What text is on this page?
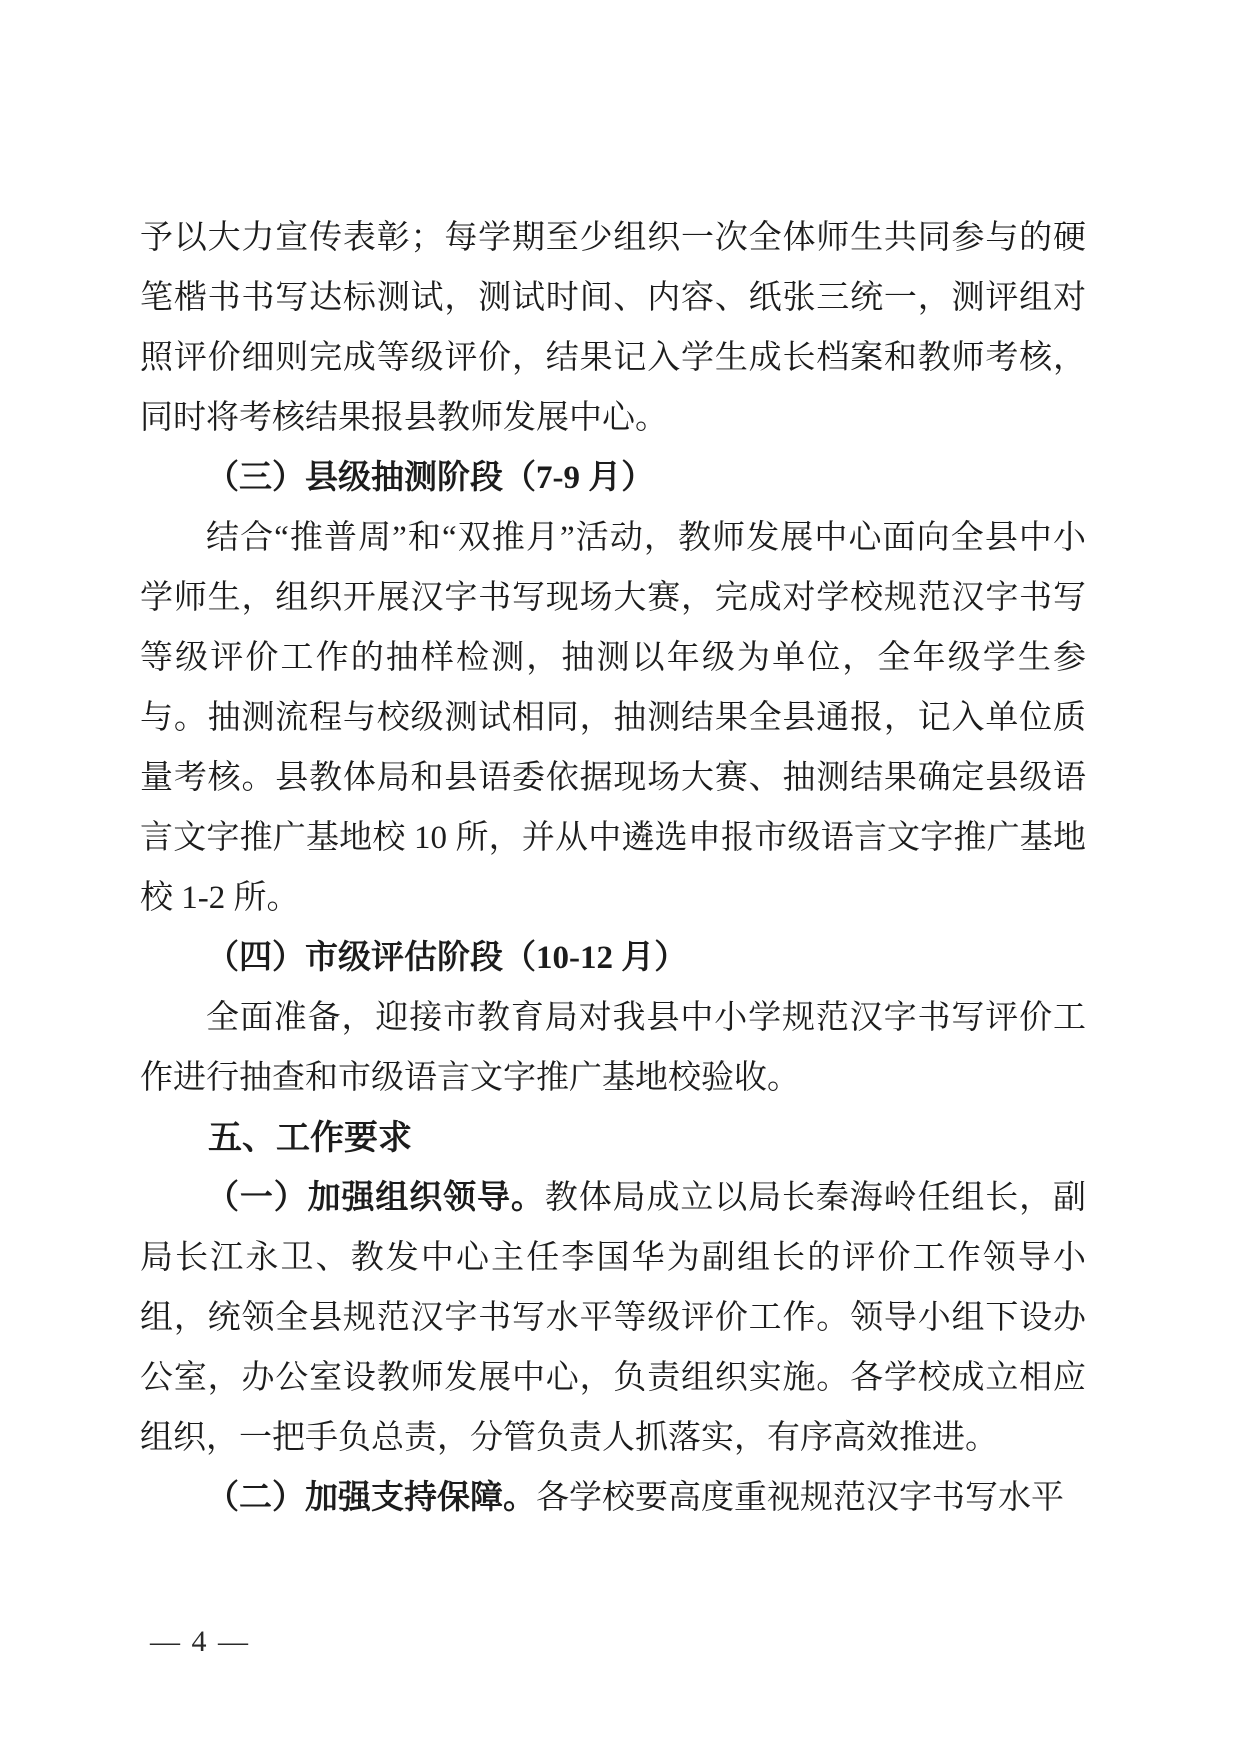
予以大力宣传表彰；每学期至少组织一次全体师生共同参与的硬笔楷书书写达标测试，测试时间、内容、纸张三统一，测评组对照评价细则完成等级评价，结果记入学生成长档案和教师考核，同时将考核结果报县教师发展中心。

（三）县级抽测阶段（7-9 月）

结合“推普周”和“双推月”活动，教师发展中心面向全县中小学师生，组织开展汉字书写现场大赛，完成对学校规范汉字书写等级评价工作的抽样检测，抽测以年级为单位，全年级学生参与。抽测流程与校级测试相同，抽测结果全县通报，记入单位质量考核。县教体局和县语委依据现场大赛、抽测结果确定县级语言文字推广基地校 10 所，并从中遴选申报市级语言文字推广基地校 1-2 所。

（四）市级评估阶段（10-12 月）

全面准备，迎接市教育局对我县中小学规范汉字书写评价工作进行抽查和市级语言文字推广基地校验收。

五、工作要求

（一）加强组织领导。教体局成立以局长秦海岭任组长，副局长江永卫、教发中心主任李国华为副组长的评价工作领导小组，统领全县规范汉字书写水平等级评价工作。领导小组下设办公室，办公室设教师发展中心，负责组织实施。各学校成立相应组织，一把手负总责，分管负责人抓落实，有序高效推进。

（二）加强支持保障。各学校要高度重视规范汉字书写水平

— 4 —
